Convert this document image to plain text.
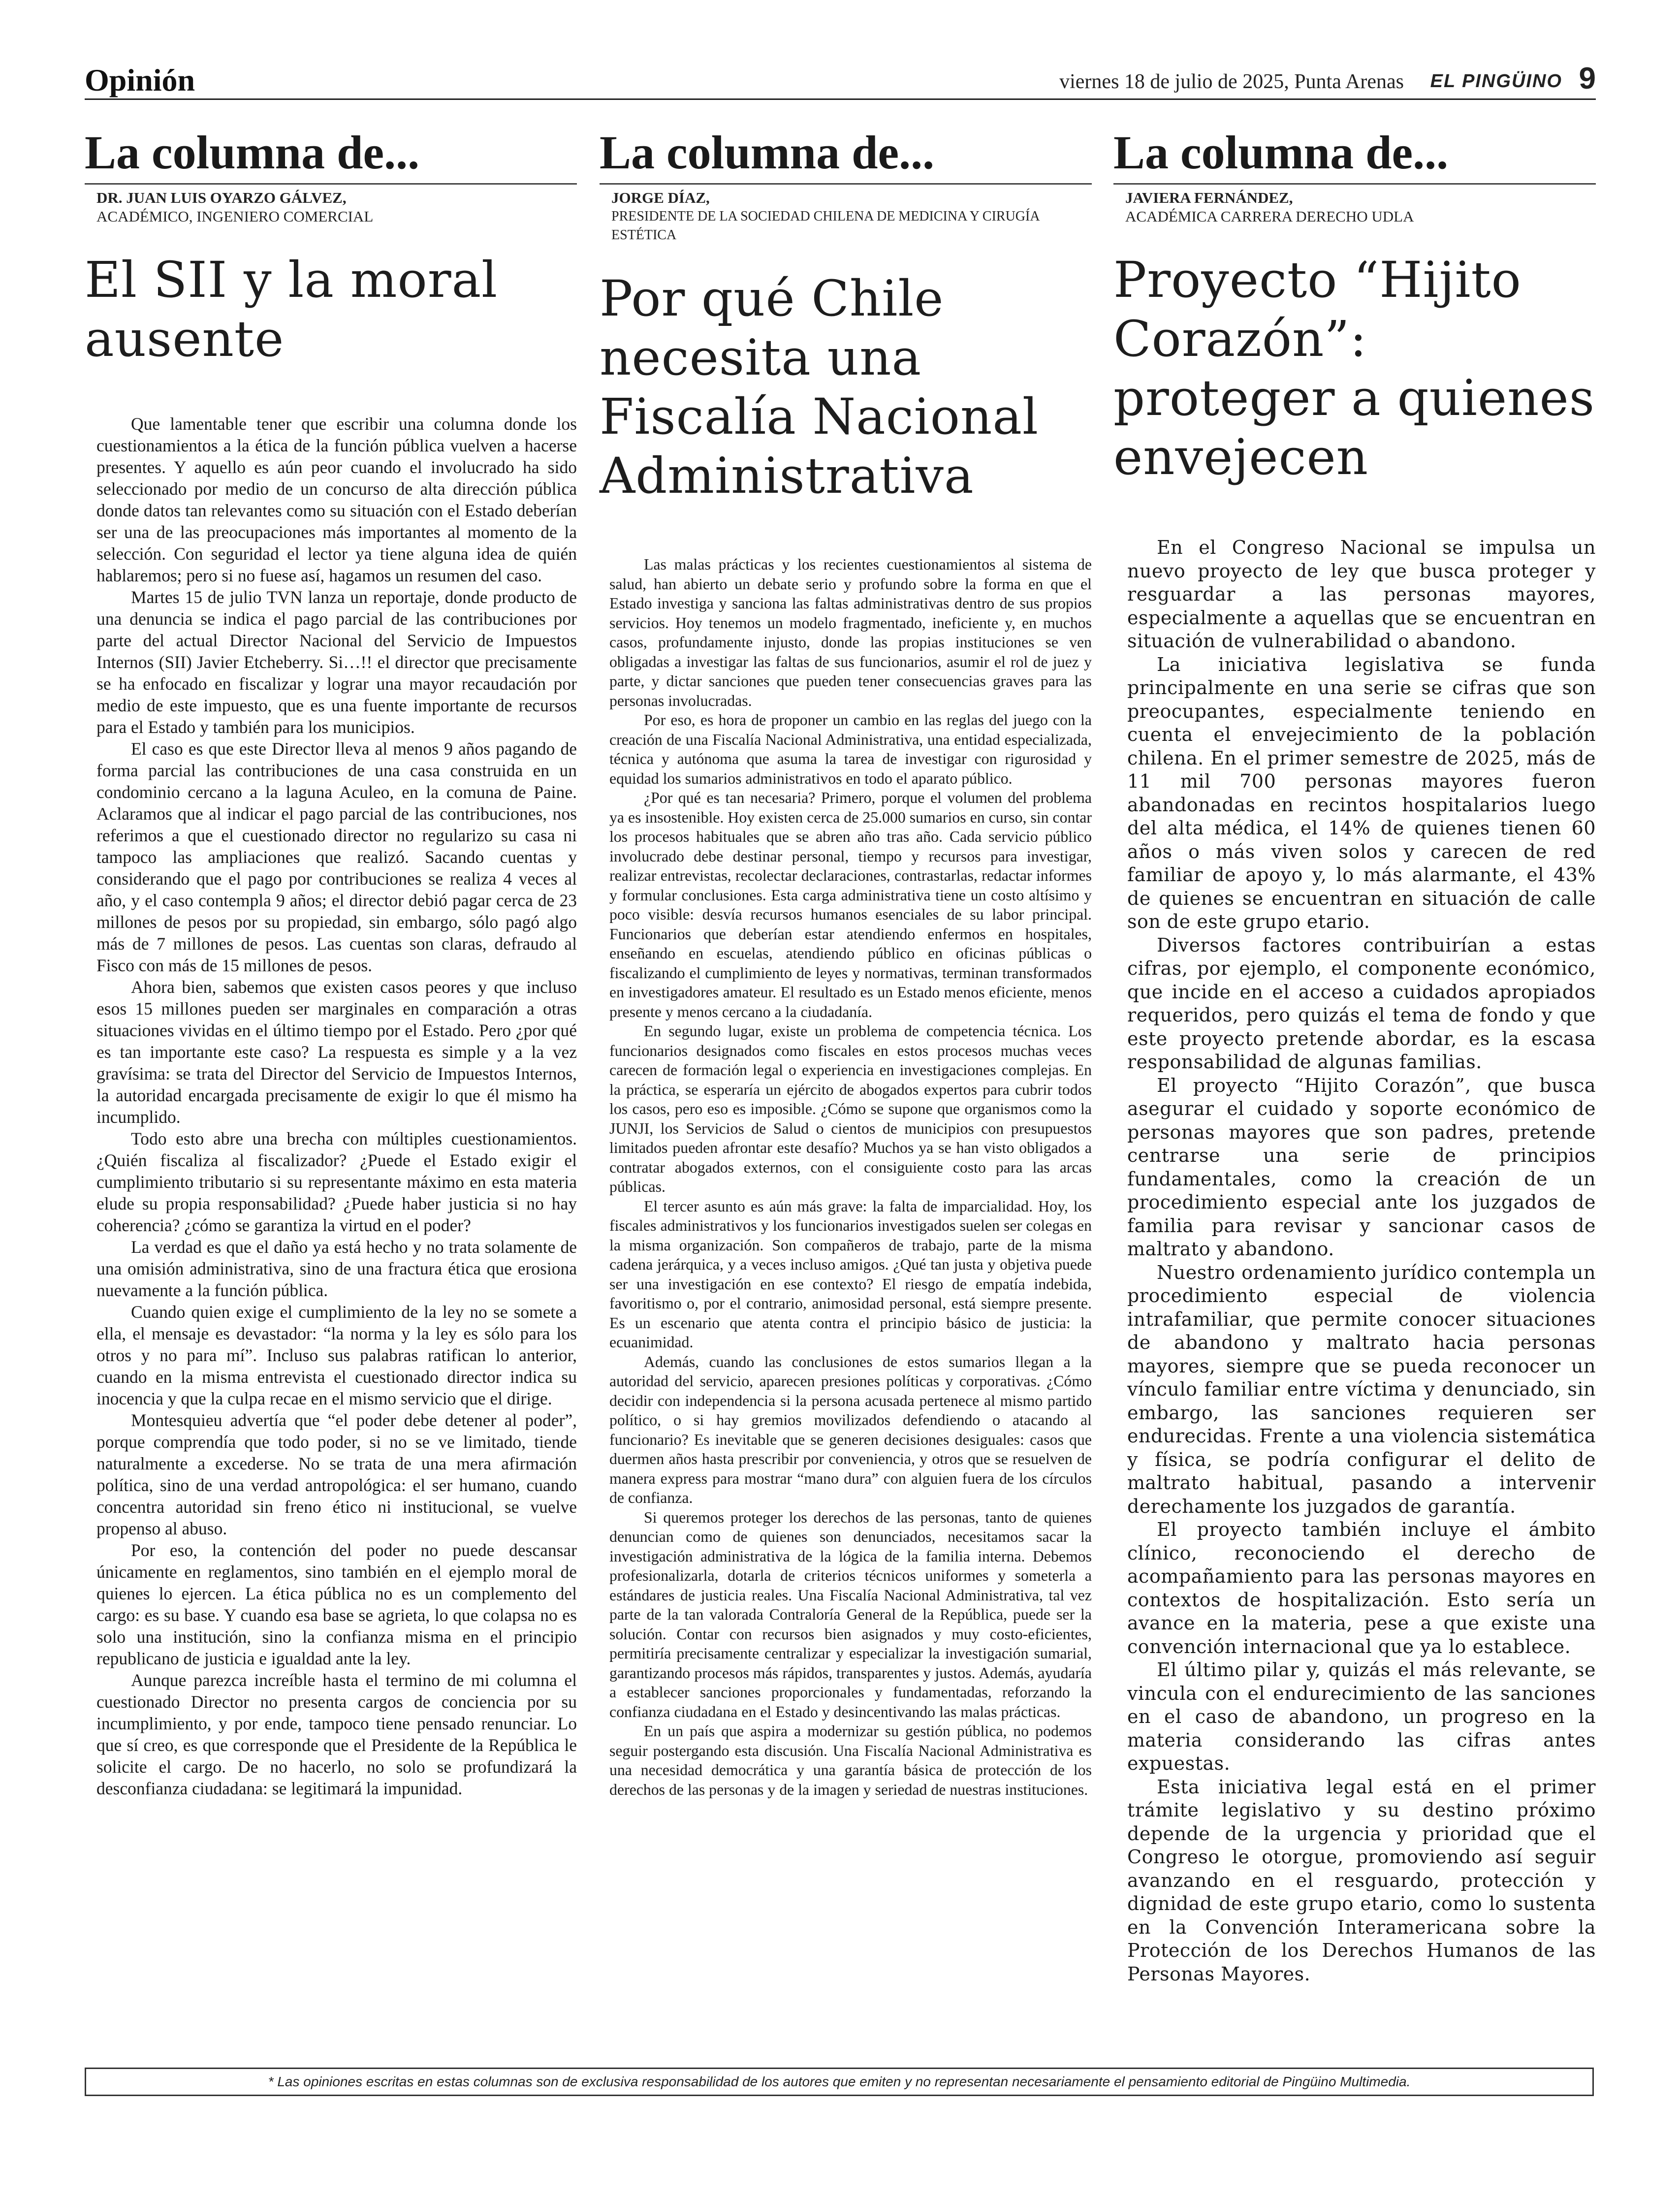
Opinión	viernes 18 de julio de 2025, Punta Arenas EL PINGÜINO 9
La columna de...
DR. JUAN LUIS OYARZO GÁLVEZ,
ACADÉMICO, INGENIERO COMERCIAL
El SII y la moral ausente

Que lamentable tener que escribir una columna donde los cuestionamientos a la ética de la función pública vuelven a hacerse presentes. Y aquello es aún peor cuando el involucrado ha sido seleccionado por medio de un concurso de alta dirección pública donde datos tan relevantes como su situación con el Estado deberían ser una de las preocupaciones más importantes al momento de la selección. Con seguridad el lector ya tiene alguna idea de quién hablaremos; pero si no fuese así, hagamos un resumen del caso.

Martes 15 de julio TVN lanza un reportaje, donde producto de una denuncia se indica el pago parcial de las contribuciones por parte del actual Director Nacional del Servicio de Impuestos Internos (SII) Javier Etcheberry. Si…!! el director que precisamente se ha enfocado en fiscalizar y lograr una mayor recaudación por medio de este impuesto, que es una fuente importante de recursos para el Estado y también para los municipios.

El caso es que este Director lleva al menos 9 años pagando de forma parcial las contribuciones de una casa construida en un condominio cercano a la laguna Aculeo, en la comuna de Paine. Aclaramos que al indicar el pago parcial de las contribuciones, nos referimos a que el cuestionado director no regularizo su casa ni tampoco las ampliaciones que realizó. Sacando cuentas y considerando que el pago por contribuciones se realiza 4 veces al año, y el caso contempla 9 años; el director debió pagar cerca de 23 millones de pesos por su propiedad, sin embargo, sólo pagó algo más de 7 millones de pesos. Las cuentas son claras, defraudo al Fisco con más de 15 millones de pesos.

Ahora bien, sabemos que existen casos peores y que incluso esos 15 millones pueden ser marginales en comparación a otras situaciones vividas en el último tiempo por el Estado. Pero ¿por qué es tan importante este caso? La respuesta es simple y a la vez gravísima: se trata del Director del Servicio de Impuestos Internos, la autoridad encargada precisamente de exigir lo que él mismo ha incumplido.

Todo esto abre una brecha con múltiples cuestionamientos. ¿Quién fiscaliza al fiscalizador? ¿Puede el Estado exigir el cumplimiento tributario si su representante máximo en esta materia elude su propia responsabilidad? ¿Puede haber justicia si no hay coherencia? ¿cómo se garantiza la virtud en el poder?

La verdad es que el daño ya está hecho y no trata solamente de una omisión administrativa, sino de una fractura ética que erosiona nuevamente a la función pública.

Cuando quien exige el cumplimiento de la ley no se somete a ella, el mensaje es devastador: “la norma y la ley es sólo para los otros y no para mí”. Incluso sus palabras ratifican lo anterior, cuando en la misma entrevista el cuestionado director indica su inocencia y que la culpa recae en el mismo servicio que el dirige.

Montesquieu advertía que “el poder debe detener al poder”, porque comprendía que todo poder, si no se ve limitado, tiende naturalmente a excederse. No se trata de una mera afirmación política, sino de una verdad antropológica: el ser humano, cuando concentra autoridad sin freno ético ni institucional, se vuelve propenso al abuso.

Por eso, la contención del poder no puede descansar únicamente en reglamentos, sino también en el ejemplo moral de quienes lo ejercen. La ética pública no es un complemento del cargo: es su base. Y cuando esa base se agrieta, lo que colapsa no es solo una institución, sino la confianza misma en el principio republicano de justicia e igualdad ante la ley.

Aunque parezca increíble hasta el termino de mi columna el cuestionado Director no presenta cargos de conciencia por su incumplimiento, y por ende, tampoco tiene pensado renunciar. Lo que sí creo, es que corresponde que el Presidente de la República le solicite el cargo. De no hacerlo, no solo se profundizará la desconfianza ciudadana: se legitimará la impunidad.

La columna de...
JORGE DÍAZ,
PRESIDENTE DE LA SOCIEDAD CHILENA DE MEDICINA Y CIRUGÍA ESTÉTICA
Por qué Chile necesita una Fiscalía Nacional Administrativa

Las malas prácticas y los recientes cuestionamientos al sistema de salud, han abierto un debate serio y profundo sobre la forma en que el Estado investiga y sanciona las faltas administrativas dentro de sus propios servicios. Hoy tenemos un modelo fragmentado, ineficiente y, en muchos casos, profundamente injusto, donde las propias instituciones se ven obligadas a investigar las faltas de sus funcionarios, asumir el rol de juez y parte, y dictar sanciones que pueden tener consecuencias graves para las personas involucradas.

Por eso, es hora de proponer un cambio en las reglas del juego con la creación de una Fiscalía Nacional Administrativa, una entidad especializada, técnica y autónoma que asuma la tarea de investigar con rigurosidad y equidad los sumarios administrativos en todo el aparato público.

¿Por qué es tan necesaria? Primero, porque el volumen del problema ya es insostenible. Hoy existen cerca de 25.000 sumarios en curso, sin contar los procesos habituales que se abren año tras año. Cada servicio público involucrado debe destinar personal, tiempo y recursos para investigar, realizar entrevistas, recolectar declaraciones, contrastarlas, redactar informes y formular conclusiones. Esta carga administrativa tiene un costo altísimo y poco visible: desvía recursos humanos esenciales de su labor principal. Funcionarios que deberían estar atendiendo enfermos en hospitales, enseñando en escuelas, atendiendo público en oficinas públicas o fiscalizando el cumplimiento de leyes y normativas, terminan transformados en investigadores amateur. El resultado es un Estado menos eficiente, menos presente y menos cercano a la ciudadanía.

En segundo lugar, existe un problema de competencia técnica. Los funcionarios designados como fiscales en estos procesos muchas veces carecen de formación legal o experiencia en investigaciones complejas. En la práctica, se esperaría un ejército de abogados expertos para cubrir todos los casos, pero eso es imposible. ¿Cómo se supone que organismos como la JUNJI, los Servicios de Salud o cientos de municipios con presupuestos limitados pueden afrontar este desafío? Muchos ya se han visto obligados a contratar abogados externos, con el consiguiente costo para las arcas públicas.

El tercer asunto es aún más grave: la falta de imparcialidad. Hoy, los fiscales administrativos y los funcionarios investigados suelen ser colegas en la misma organización. Son compañeros de trabajo, parte de la misma cadena jerárquica, y a veces incluso amigos. ¿Qué tan justa y objetiva puede ser una investigación en ese contexto? El riesgo de empatía indebida, favoritismo o, por el contrario, animosidad personal, está siempre presente. Es un escenario que atenta contra el principio básico de justicia: la ecuanimidad.

Además, cuando las conclusiones de estos sumarios llegan a la autoridad del servicio, aparecen presiones políticas y corporativas. ¿Cómo decidir con independencia si la persona acusada pertenece al mismo partido político, o si hay gremios movilizados defendiendo o atacando al funcionario? Es inevitable que se generen decisiones desiguales: casos que duermen años hasta prescribir por conveniencia, y otros que se resuelven de manera express para mostrar “mano dura” con alguien fuera de los círculos de confianza.

Si queremos proteger los derechos de las personas, tanto de quienes denuncian como de quienes son denunciados, necesitamos sacar la investigación administrativa de la lógica de la familia interna. Debemos profesionalizarla, dotarla de criterios técnicos uniformes y someterla a estándares de justicia reales. Una Fiscalía Nacional Administrativa, tal vez parte de la tan valorada Contraloría General de la República, puede ser la solución. Contar con recursos bien asignados y muy costo-eficientes, permitiría precisamente centralizar y especializar la investigación sumarial, garantizando procesos más rápidos, transparentes y justos. Además, ayudaría a establecer sanciones proporcionales y fundamentadas, reforzando la confianza ciudadana en el Estado y desincentivando las malas prácticas.

En un país que aspira a modernizar su gestión pública, no podemos seguir postergando esta discusión. Una Fiscalía Nacional Administrativa es una necesidad democrática y una garantía básica de protección de los derechos de las personas y de la imagen y seriedad de nuestras instituciones.

La columna de...
JAVIERA FERNÁNDEZ,
ACADÉMICA CARRERA DERECHO UDLA
Proyecto “Hijito Corazón”: proteger a quienes envejecen

En el Congreso Nacional se impulsa un nuevo proyecto de ley que busca proteger y resguardar a las personas mayores, especialmente a aquellas que se encuentran en situación de vulnerabilidad o abandono.

La iniciativa legislativa se funda principalmente en una serie se cifras que son preocupantes, especialmente teniendo en cuenta el envejecimiento de la población chilena. En el primer semestre de 2025, más de 11 mil 700 personas mayores fueron abandonadas en recintos hospitalarios luego del alta médica, el 14% de quienes tienen 60 años o más viven solos y carecen de red familiar de apoyo y, lo más alarmante, el 43% de quienes se encuentran en situación de calle son de este grupo etario.

Diversos factores contribuirían a estas cifras, por ejemplo, el componente económico, que incide en el acceso a cuidados apropiados requeridos, pero quizás el tema de fondo y que este proyecto pretende abordar, es la escasa responsabilidad de algunas familias.

El proyecto “Hijito Corazón”, que busca asegurar el cuidado y soporte económico de personas mayores que son padres, pretende centrarse una serie de principios fundamentales, como la creación de un procedimiento especial ante los juzgados de familia para revisar y sancionar casos de maltrato y abandono.

Nuestro ordenamiento jurídico contempla un procedimiento especial de violencia intrafamiliar, que permite conocer situaciones de abandono y maltrato hacia personas mayores, siempre que se pueda reconocer un vínculo familiar entre víctima y denunciado, sin embargo, las sanciones requieren ser endurecidas. Frente a una violencia sistemática y física, se podría configurar el delito de maltrato habitual, pasando a intervenir derechamente los juzgados de garantía.

El proyecto también incluye el ámbito clínico, reconociendo el derecho de acompañamiento para las personas mayores en contextos de hospitalización. Esto sería un avance en la materia, pese a que existe una convención internacional que ya lo establece.

El último pilar y, quizás el más relevante, se vincula con el endurecimiento de las sanciones en el caso de abandono, un progreso en la materia considerando las cifras antes expuestas.

Esta iniciativa legal está en el primer trámite legislativo y su destino próximo depende de la urgencia y prioridad que el Congreso le otorgue, promoviendo así seguir avanzando en el resguardo, protección y dignidad de este grupo etario, como lo sustenta en la Convención Interamericana sobre la Protección de los Derechos Humanos de las Personas Mayores.

* Las opiniones escritas en estas columnas son de exclusiva responsabilidad de los autores que emiten y no representan necesariamente el pensamiento editorial de Pingüino Multimedia.
